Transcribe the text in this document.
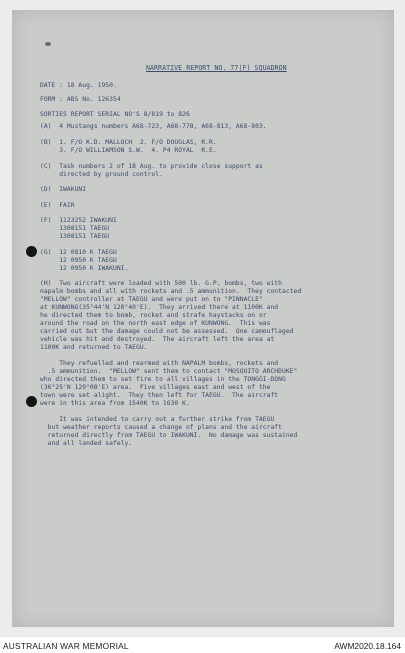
NARRATIVE REPORT NO. 77(F) SQUADRON
DATE : 18 Aug. 1950.
FORM : ABS No. 126354
SORTIES REPORT SERIAL NO'S 8/819 to 826
(A)  4 Mustangs numbers A68-723, A68-778, A68-813, A68-803.
(B)  1. F/O K.D. MALLOCH  2. F/O DOUGLAS, R.R.
3. F/O WILLIAMSON S.W.  4. P4 ROYAL  R.E.
(C)  Task numbers 2 of 18 Aug. to provide close support as
directed by ground control.
(D)  IWAKUNI
(E)  FAIR
(F)  1123252 IWAKUNI
1308151 TAEGU
1308151 TAEGU
(G)  12 0810 K TAEGU
12 0950 K TAEGU
12 0950 K IWAKUNI.
(H)  Two aircraft were loaded with 500 lb. G.P. bombs, two with
napalm bombs and all with rockets and .5 ammunition.  They contacted
"MELLOW" controller at TAEGU and were put on to "PINNACLE"
at KUNWONG(35°44'N 128°40'E).  They arrived there at 1100K and
he directed them to bomb, rocket and strafe haystacks on or
around the road on the north east edge of KUNWONG.  This was
carried out but the damage could not be assessed.  One camouflaged
vehicle was hit and destroyed.  The aircraft left the area at
1100K and returned to TAEGU.
They refuelled and rearmed with NAPALM bombs, rockets and
.5 ammunition.  "MELLOW" sent them to contact "MOSQUITO ARCHDUKE"
who directed them to set fire to all villages in the TONGGI-DONG
(36°25'N 129°08'E) area.  Five villages east and west of the
town were set alight.  They then left for TAEGU.  The aircraft
were in this area from 1540K to 1630 K.
It was intended to carry out a further strike from TAEGU
but weather reports caused a change of plans and the aircraft
returned directly from TAEGU to IWAKUNI.  No damage was sustained
and all landed safely.
AUSTRALIAN WAR MEMORIAL	AWM2020.18.164
